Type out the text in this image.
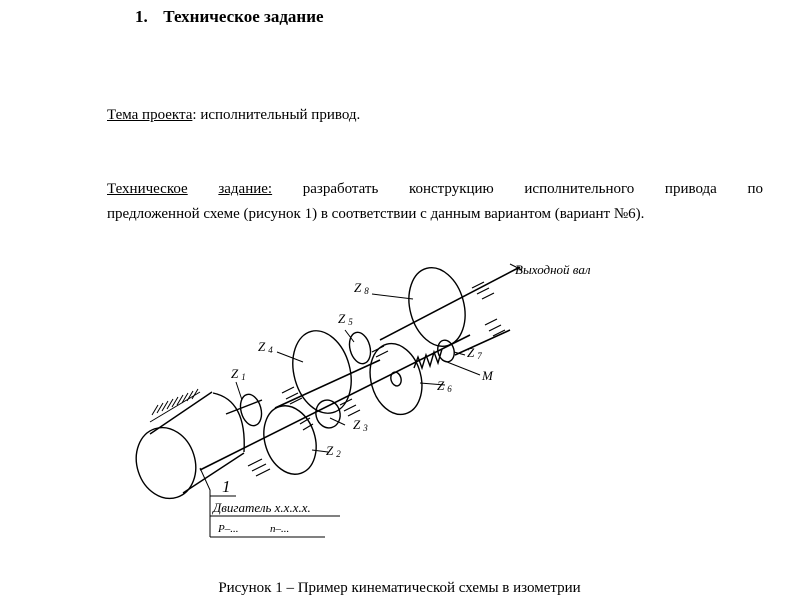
1. Техническое задание
Тема проекта: исполнительный привод.
Техническое задание: разработать конструкцию исполнительного привода по
предложенной схеме (рисунок 1) в соответствии с данным вариантом (вариант №6).
Выходной вал
Z 8
Z 5
Z 4	Z 7
M
Z 1
Z 6
Z 3
Z 2
1
Двигатель x.x.x.x.
P–...	n–...
Рисунок 1 – Пример кинематической схемы в изометрии
